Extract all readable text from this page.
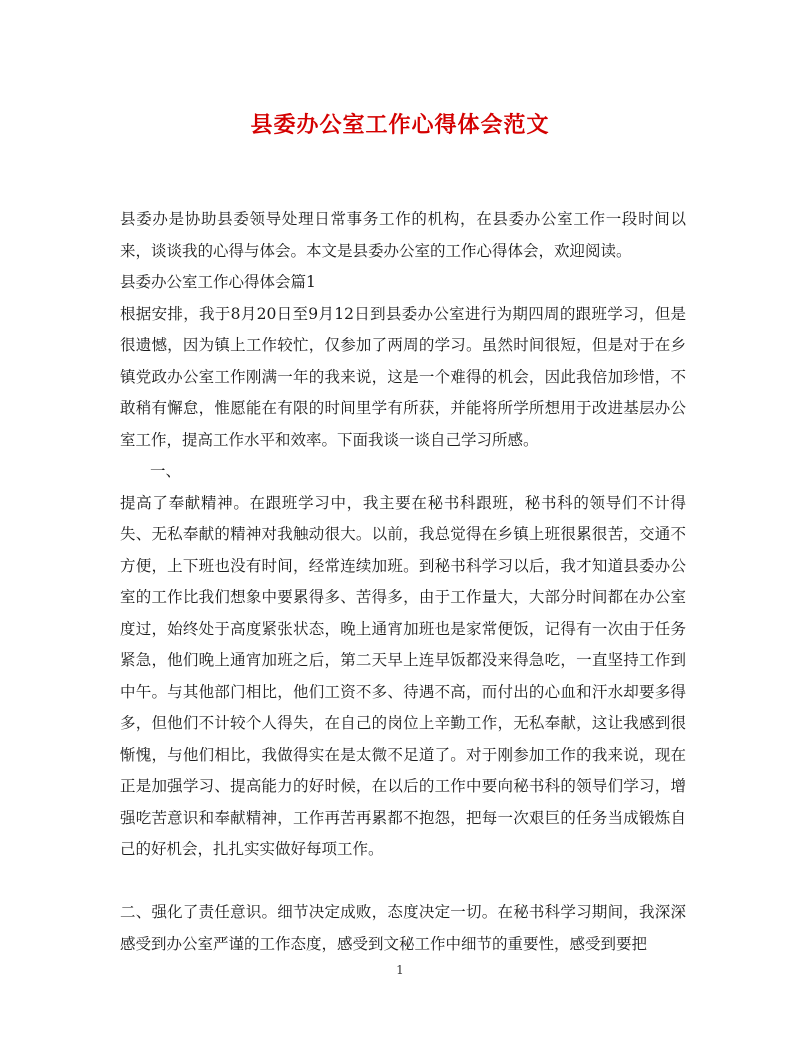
县委办公室工作心得体会范文

县委办是协助县委领导处理日常事务工作的机构，在县委办公室工作一段时间以来，谈谈我的心得与体会。本文是县委办公室的工作心得体会，欢迎阅读。

县委办公室工作心得体会篇1

根据安排，我于8月20日至9月12日到县委办公室进行为期四周的跟班学习，但是很遗憾，因为镇上工作较忙，仅参加了两周的学习。虽然时间很短，但是对于在乡镇党政办公室工作刚满一年的我来说，这是一个难得的机会，因此我倍加珍惜，不敢稍有懈怠，惟愿能在有限的时间里学有所获，并能将所学所想用于改进基层办公室工作，提高工作水平和效率。下面我谈一谈自己学习所感。

一、

提高了奉献精神。在跟班学习中，我主要在秘书科跟班，秘书科的领导们不计得失、无私奉献的精神对我触动很大。以前，我总觉得在乡镇上班很累很苦，交通不方便，上下班也没有时间，经常连续加班。到秘书科学习以后，我才知道县委办公室的工作比我们想象中要累得多、苦得多，由于工作量大，大部分时间都在办公室度过，始终处于高度紧张状态，晚上通宵加班也是家常便饭，记得有一次由于任务紧急，他们晚上通宵加班之后，第二天早上连早饭都没来得急吃，一直坚持工作到中午。与其他部门相比，他们工资不多、待遇不高，而付出的心血和汗水却要多得多，但他们不计较个人得失，在自己的岗位上辛勤工作，无私奉献，这让我感到很惭愧，与他们相比，我做得实在是太微不足道了。对于刚参加工作的我来说，现在正是加强学习、提高能力的好时候，在以后的工作中要向秘书科的领导们学习，增强吃苦意识和奉献精神，工作再苦再累都不抱怨，把每一次艰巨的任务当成锻炼自己的好机会，扎扎实实做好每项工作。

二、强化了责任意识。细节决定成败，态度决定一切。在秘书科学习期间，我深深感受到办公室严谨的工作态度，感受到文秘工作中细节的重要性，感受到要把

1
